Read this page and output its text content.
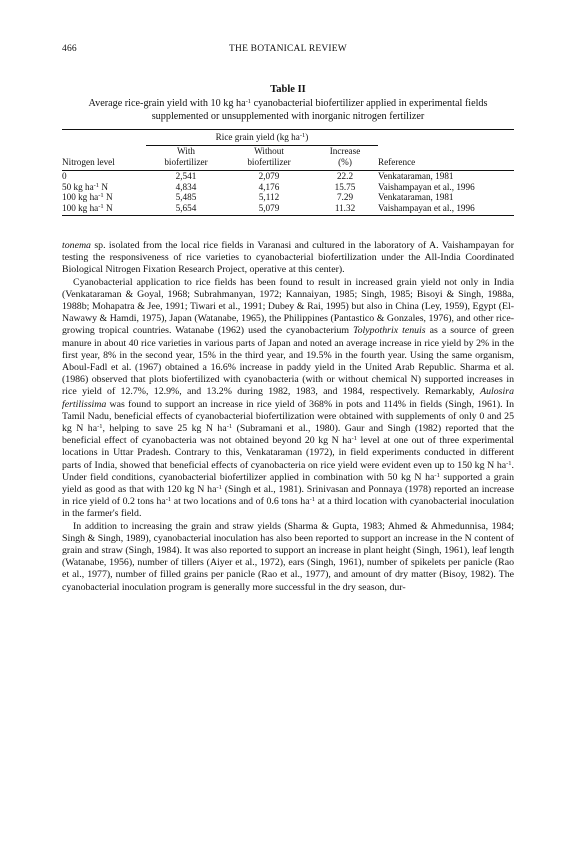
466	THE BOTANICAL REVIEW
Table II
Average rice-grain yield with 10 kg $ha^{-1}$ cyanobacterial biofertilizer applied in experimental fields supplemented or unsupplemented with inorganic nitrogen fertilizer
	Rice grain yield (kg $ha^{-1}$)			

	With	Without	Increase	
Nitrogen level	biofertilizer	biofertilizer	(%)	Reference
0	2,541	2,079	22.2	Venkataraman, 1981
50 kg $ha^{-1}$ N	4,834	4,176	15.75	Vaishampayan et al., 1996
100 kg $ha^{-1}$ N	5,485	5,112	7.29	Venkataraman, 1981
100 kg $ha^{-1}$ N	5,654	5,079	11.32	Vaishampayan et al., 1996

tonema sp. isolated from the local rice fields in Varanasi and cultured in the laboratory of A. Vaishampayan for testing the responsiveness of rice varieties to cyanobacterial biofertilization under the All-India Coordinated Biological Nitrogen Fixation Research Project, operative at this center).

Cyanobacterial application to rice fields has been found to result in increased grain yield not only in India (Venkataraman & Goyal, 1968; Subrahmanyan, 1972; Kannaiyan, 1985; Singh, 1985; Bisoyi & Singh, 1988a, 1988b; Mohapatra & Jee, 1991; Tiwari et al., 1991; Dubey & Rai, 1995) but also in China (Ley, 1959), Egypt (El-Nawawy & Hamdi, 1975), Japan (Watanabe, 1965), the Philippines (Pantastico & Gonzales, 1976), and other rice-growing tropical countries. Watanabe (1962) used the cyanobacterium Tolypothrix tenuis as a source of green manure in about 40 rice varieties in various parts of Japan and noted an average increase in rice yield by 2% in the first year, 8% in the second year, 15% in the third year, and 19.5% in the fourth year. Using the same organism, Aboul-Fadl et al. (1967) obtained a 16.6% increase in paddy yield in the United Arab Republic. Sharma et al. (1986) observed that plots biofertilized with cyanobacteria (with or without chemical N) supported increases in rice yield of 12.7%, 12.9%, and 13.2% during 1982, 1983, and 1984, respectively. Remarkably, Aulosira fertilissima was found to support an increase in rice yield of 368% in pots and 114% in fields (Singh, 1961). In Tamil Nadu, beneficial effects of cyanobacterial biofertilization were obtained with supplements of only 0 and 25 kg N $ha^{-1}$, helping to save 25 kg N $ha^{-1}$ (Subramani et al., 1980). Gaur and Singh (1982) reported that the beneficial effect of cyanobacteria was not obtained beyond 20 kg N $ha^{-1}$ level at one out of three experimental locations in Uttar Pradesh. Contrary to this, Venkataraman (1972), in field experiments conducted in different parts of India, showed that beneficial effects of cyanobacteria on rice yield were evident even up to 150 kg N $ha^{-1}$. Under field conditions, cyanobacterial biofertilizer applied in combination with 50 kg N $ha^{-1}$ supported a grain yield as good as that with 120 kg N $ha^{-1}$ (Singh et al., 1981). Srinivasan and Ponnaya (1978) reported an increase in rice yield of 0.2 tons $ha^{-1}$ at two locations and of 0.6 tons $ha^{-1}$ at a third location with cyanobacterial inoculation in the farmer's field.

In addition to increasing the grain and straw yields (Sharma & Gupta, 1983; Ahmed & Ahmedunnisa, 1984; Singh & Singh, 1989), cyanobacterial inoculation has also been reported to support an increase in the N content of grain and straw (Singh, 1984). It was also reported to support an increase in plant height (Singh, 1961), leaf length (Watanabe, 1956), number of tillers (Aiyer et al., 1972), ears (Singh, 1961), number of spikelets per panicle (Rao et al., 1977), number of filled grains per panicle (Rao et al., 1977), and amount of dry matter (Bisoy, 1982). The cyanobacterial inoculation program is generally more successful in the dry season, dur-
